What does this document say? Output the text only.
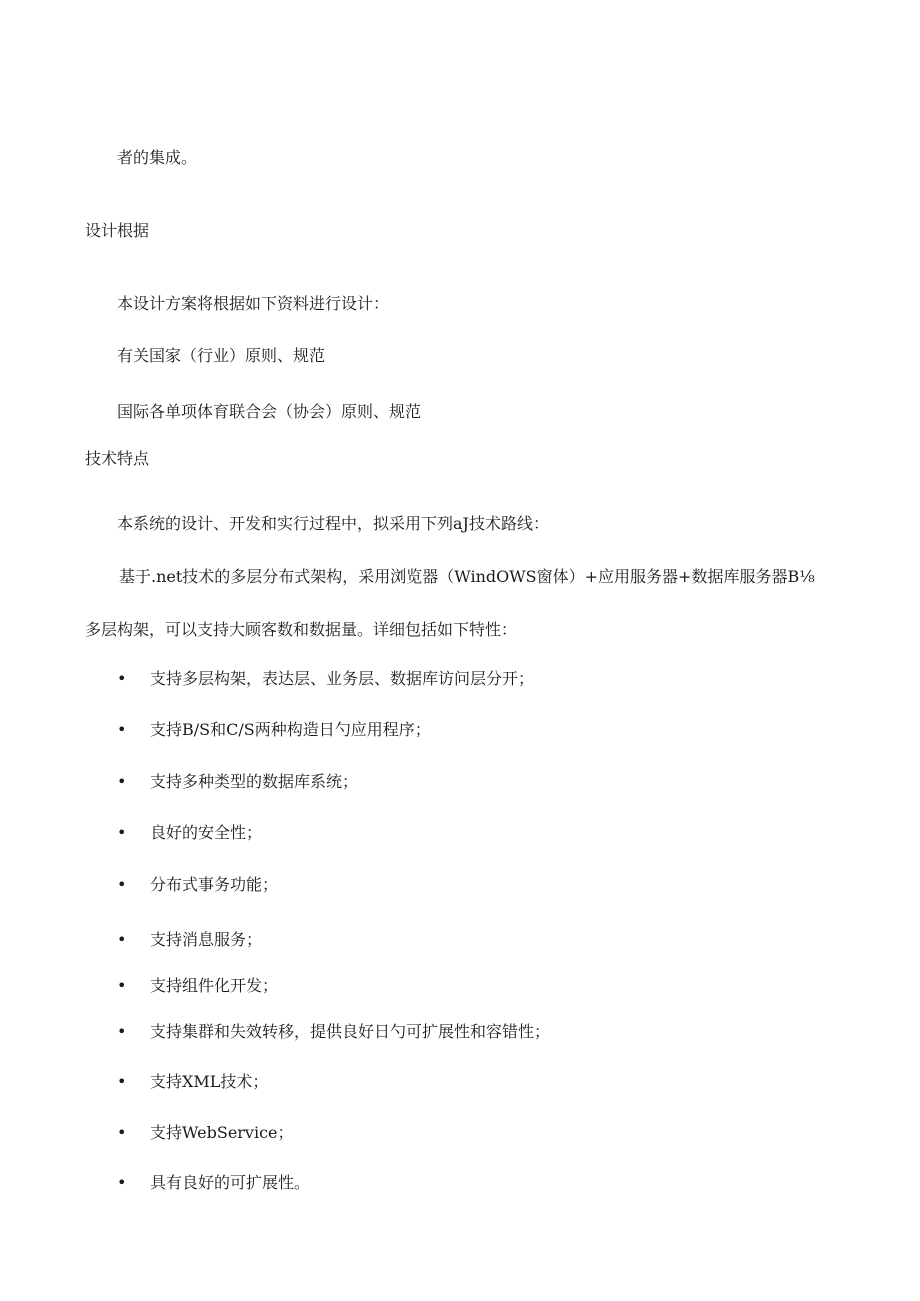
者的集成。
设计根据
本设计方案将根据如下资料进行设计：
有关国家（行业）原则、规范
国际各单项体育联合会（协会）原则、规范
技术特点
本系统的设计、开发和实行过程中，拟采用下列aJ技术路线：
基于.net技术的多层分布式架构，采用浏览器（WindOWS窗体）+应用服务器+数据库服务器B⅛
多层构架，可以支持大顾客数和数据量。详细包括如下特性：
• 支持多层构架，表达层、业务层、数据库访问层分开；
• 支持B/S和C/S两种构造日勺应用程序；
• 支持多种类型的数据库系统；
• 良好的安全性；
• 分布式事务功能；
• 支持消息服务；
• 支持组件化开发；
• 支持集群和失效转移，提供良好日勺可扩展性和容错性；
• 支持XML技术；
• 支持WebService；
• 具有良好的可扩展性。
